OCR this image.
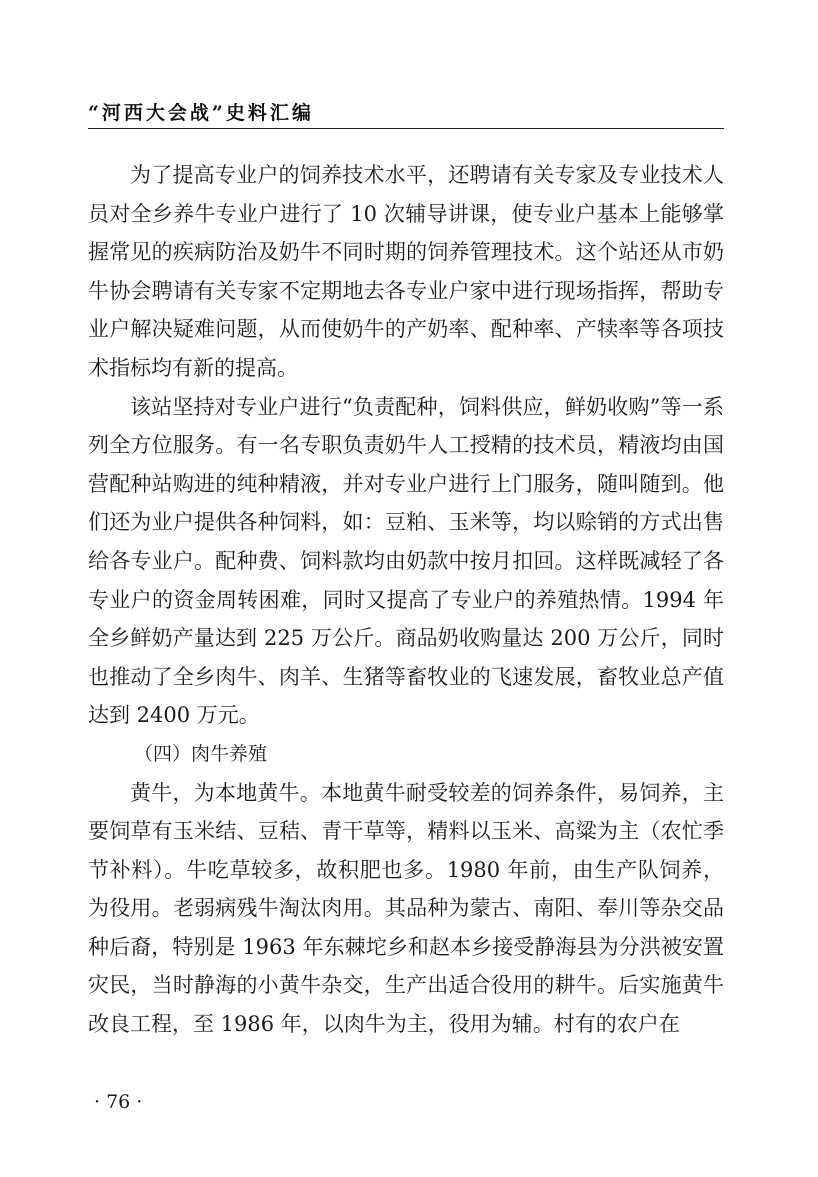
“河西大会战”史料汇编

为了提高专业户的饲养技术水平，还聘请有关专家及专业技术人员对全乡养牛专业户进行了 10 次辅导讲课，使专业户基本上能够掌握常见的疾病防治及奶牛不同时期的饲养管理技术。这个站还从市奶牛协会聘请有关专家不定期地去各专业户家中进行现场指挥，帮助专业户解决疑难问题，从而使奶牛的产奶率、配种率、产犊率等各项技术指标均有新的提高。

该站坚持对专业户进行“负责配种，饲料供应，鲜奶收购”等一系列全方位服务。有一名专职负责奶牛人工授精的技术员，精液均由国营配种站购进的纯种精液，并对专业户进行上门服务，随叫随到。他们还为业户提供各种饲料，如：豆粕、玉米等，均以赊销的方式出售给各专业户。配种费、饲料款均由奶款中按月扣回。这样既减轻了各专业户的资金周转困难，同时又提高了专业户的养殖热情。1994 年全乡鲜奶产量达到 225 万公斤。商品奶收购量达 200 万公斤，同时也推动了全乡肉牛、肉羊、生猪等畜牧业的飞速发展，畜牧业总产值达到 2400 万元。

（四）肉牛养殖

黄牛，为本地黄牛。本地黄牛耐受较差的饲养条件，易饲养，主要饲草有玉米结、豆秸、青干草等，精料以玉米、高粱为主（农忙季节补料）。牛吃草较多，故积肥也多。1980 年前，由生产队饲养，为役用。老弱病残牛淘汰肉用。其品种为蒙古、南阳、奉川等杂交品种后裔，特别是 1963 年东棘坨乡和赵本乡接受静海县为分洪被安置灾民，当时静海的小黄牛杂交，生产出适合役用的耕牛。后实施黄牛改良工程，至 1986 年，以肉牛为主，役用为辅。村有的农户在

· 76 ·
